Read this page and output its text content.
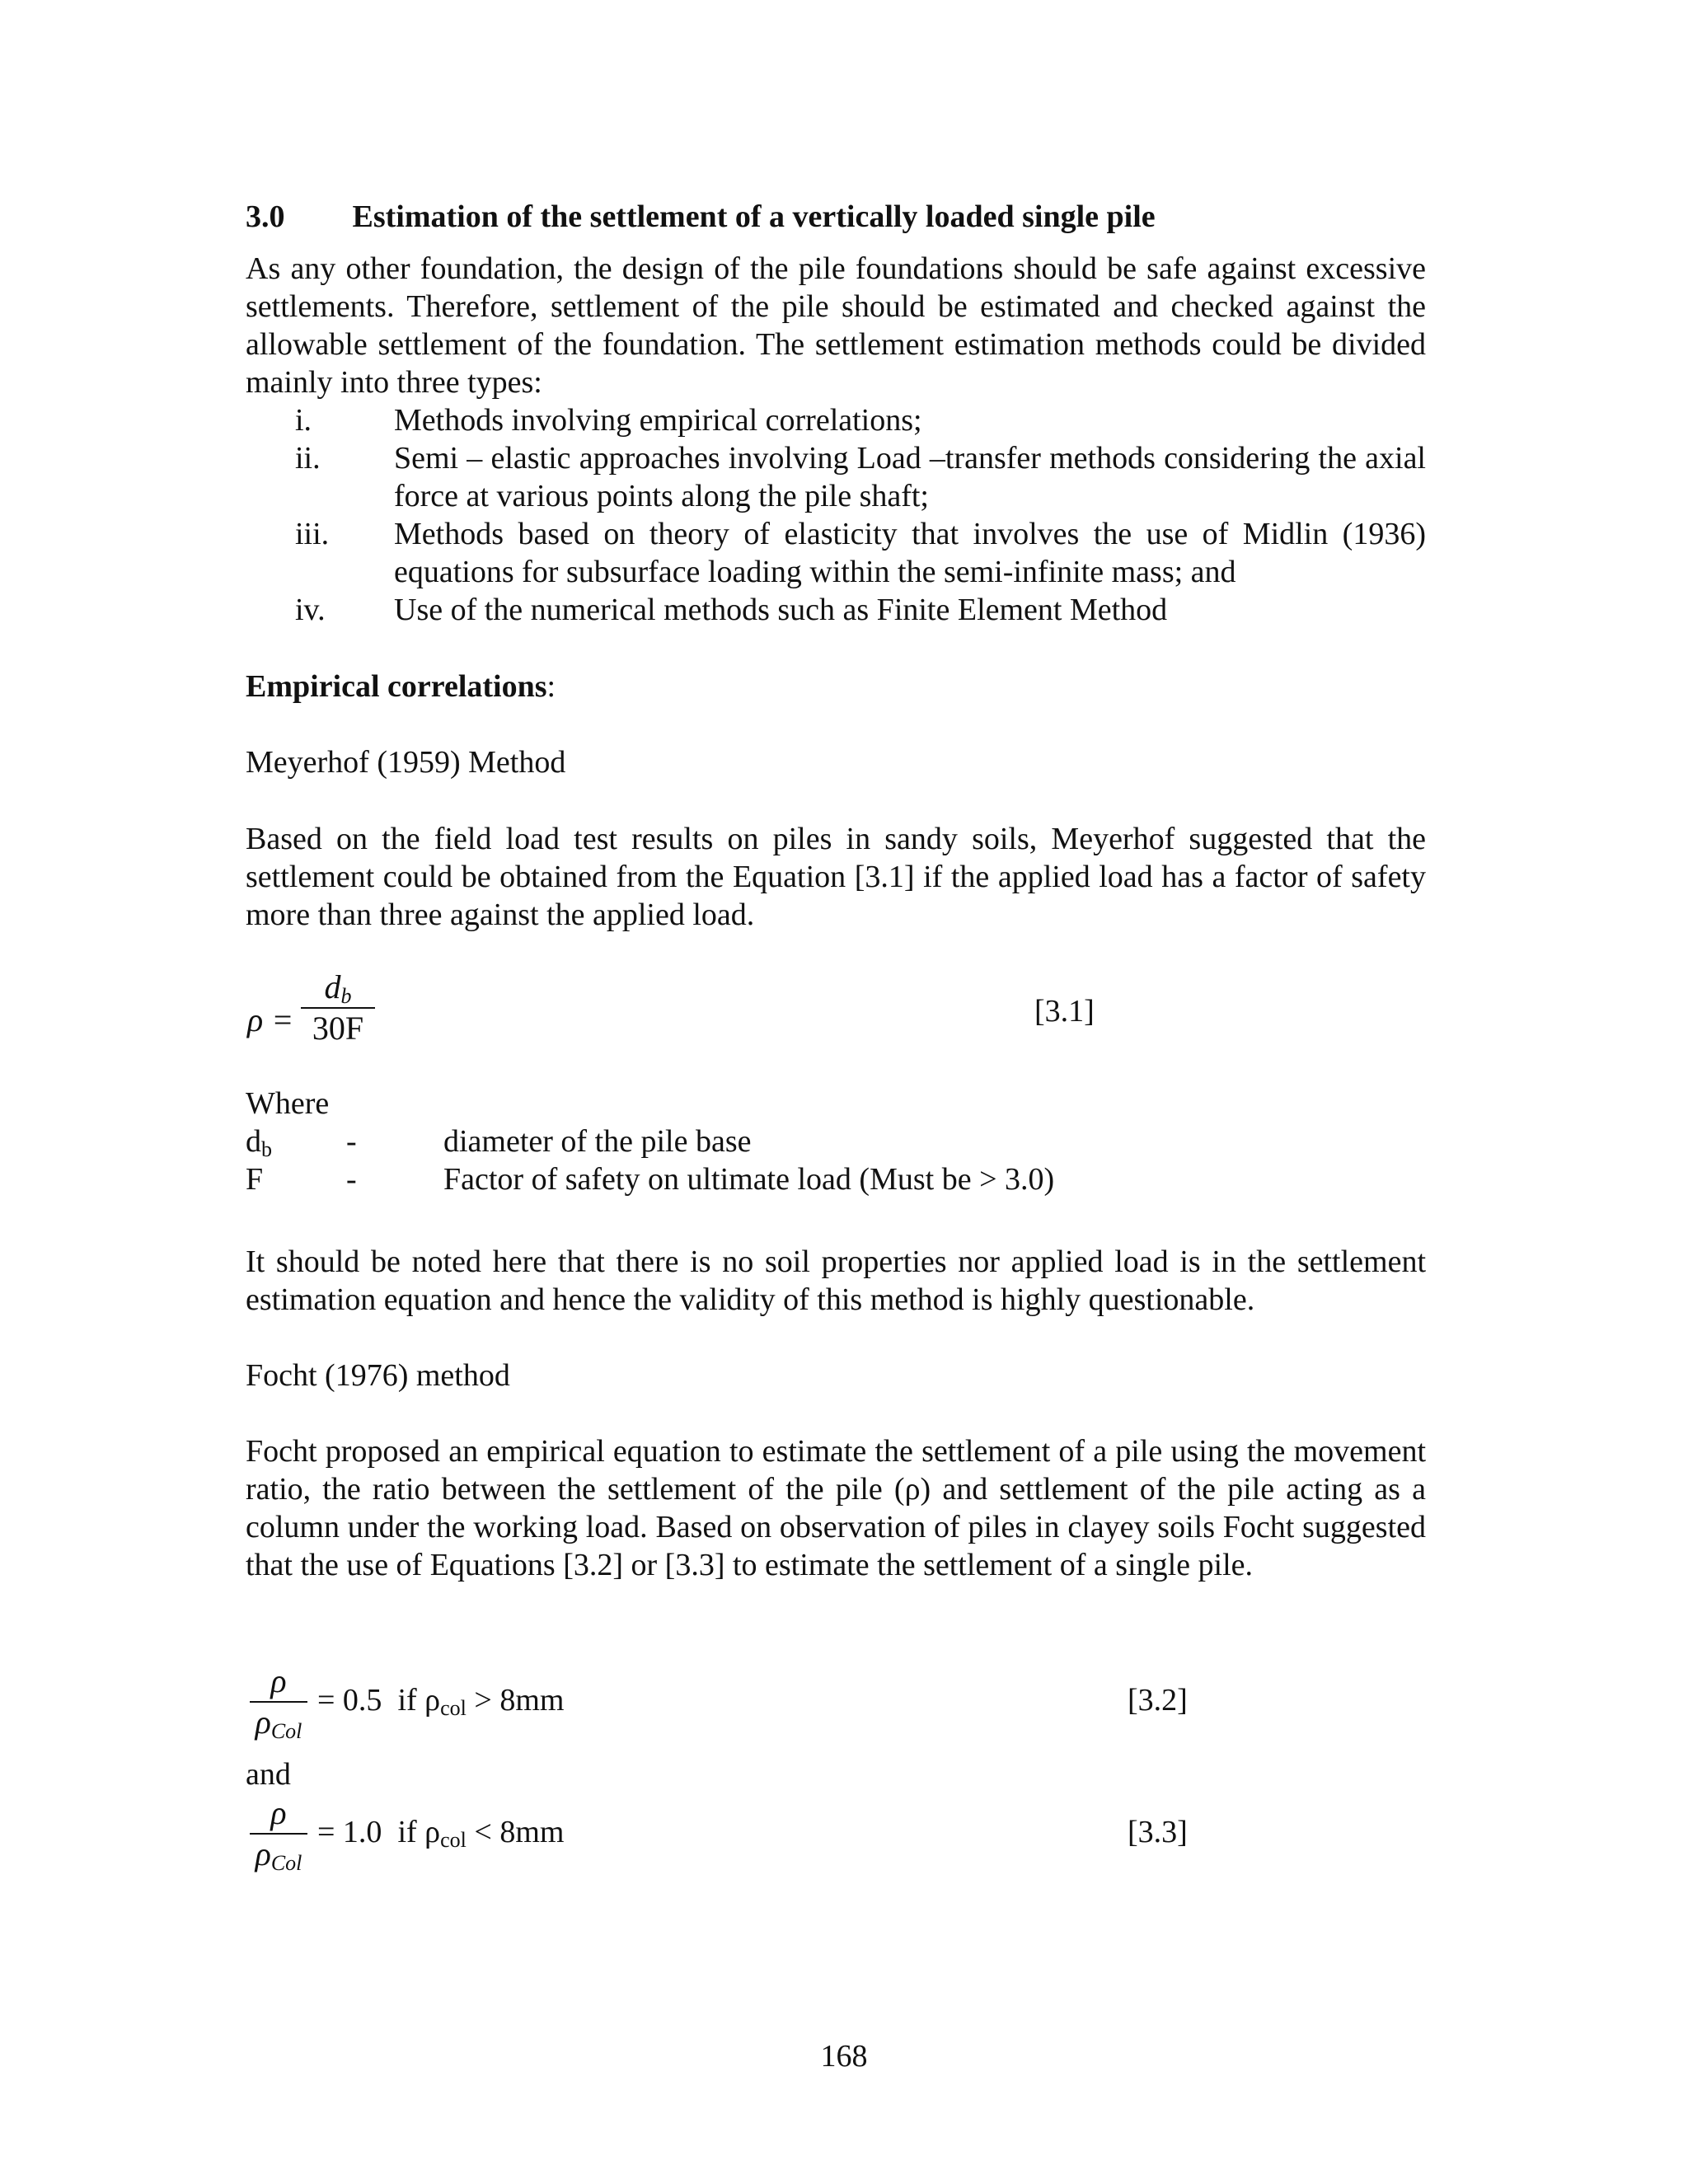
3.0 Estimation of the settlement of a vertically loaded single pile

As any other foundation, the design of the pile foundations should be safe against excessive settlements. Therefore, settlement of the pile should be estimated and checked against the allowable settlement of the foundation. The settlement estimation methods could be divided mainly into three types:

i.	Methods involving empirical correlations;
ii. Semi – elastic approaches involving Load –transfer methods considering the axial force at various points along the pile shaft;
iii. Methods based on theory of elasticity that involves the use of Midlin (1936) equations for subsurface loading within the semi-infinite mass; and
iv. Use of the numerical methods such as Finite Element Method
Empirical correlations:
Meyerhof (1959) Method

Based on the field load test results on piles in sandy soils, Meyerhof suggested that the settlement could be obtained from the Equation [3.1] if the applied load has a factor of safety more than three against the applied load.

ρ =
$d_b$
30F	[3.1]
Where
$d_b$ -	diameter of the pile base
F	-	Factor of safety on ultimate load (Must be > 3.0)

It should be noted here that there is no soil properties nor applied load is in the settlement estimation equation and hence the validity of this method is highly questionable.

Focht (1976) method

Focht proposed an empirical equation to estimate the settlement of a pile using the movement ratio, the ratio between the settlement of the pile (ρ) and settlement of the pile acting as a column under the working load. Based on observation of piles in clayey soils Focht suggested that the use of Equations [3.2] or [3.3] to estimate the settlement of a single pile.

ρ
$\rho_{Col}$
= 0.5 if $\rho_{col} > 8mm$	[3.2]
and
ρ
$\rho_{Col}$
= 1.0 if $\rho_{col} < 8mm$	[3.3]
168
